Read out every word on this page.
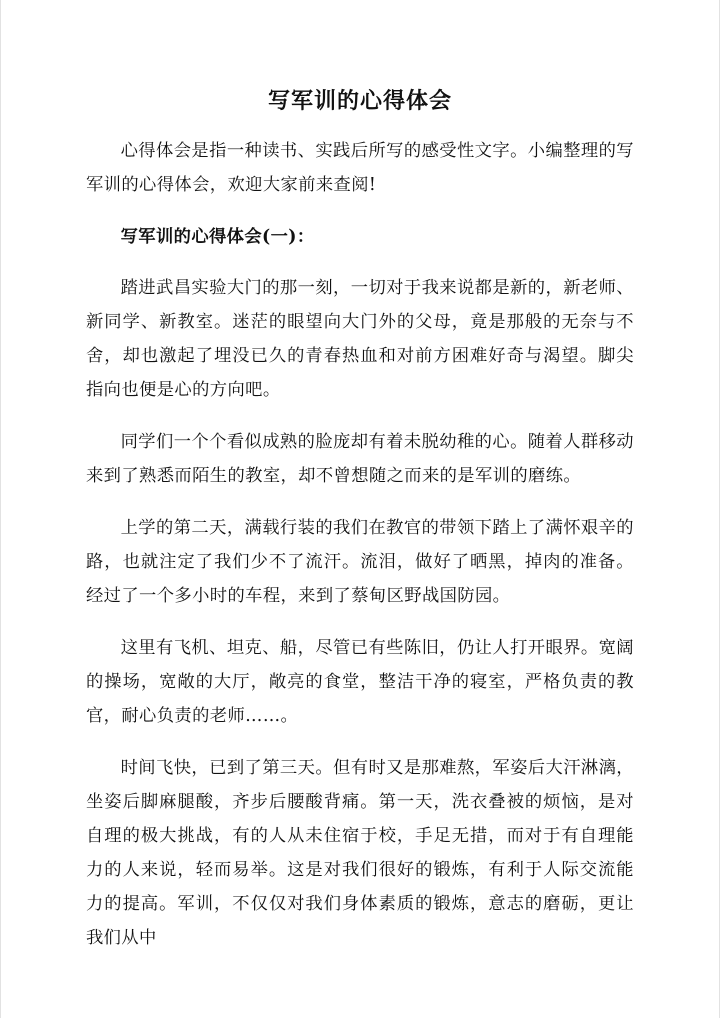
写军训的心得体会

心得体会是指一种读书、实践后所写的感受性文字。小编整理的写军训的心得体会，欢迎大家前来查阅!

写军训的心得体会(一)：

踏进武昌实验大门的那一刻，一切对于我来说都是新的，新老师、新同学、新教室。迷茫的眼望向大门外的父母，竟是那般的无奈与不舍，却也激起了埋没已久的青春热血和对前方困难好奇与渴望。脚尖指向也便是心的方向吧。

同学们一个个看似成熟的脸庞却有着未脱幼稚的心。随着人群移动来到了熟悉而陌生的教室，却不曾想随之而来的是军训的磨练。

上学的第二天，满载行装的我们在教官的带领下踏上了满怀艰辛的路，也就注定了我们少不了流汗。流泪，做好了晒黑，掉肉的准备。经过了一个多小时的车程，来到了蔡甸区野战国防园。

这里有飞机、坦克、船，尽管已有些陈旧，仍让人打开眼界。宽阔的操场，宽敞的大厅，敞亮的食堂，整洁干净的寝室，严格负责的教官，耐心负责的老师……。

时间飞快，已到了第三天。但有时又是那难熬，军姿后大汗淋漓，坐姿后脚麻腿酸，齐步后腰酸背痛。第一天，洗衣叠被的烦恼，是对自理的极大挑战，有的人从未住宿于校，手足无措，而对于有自理能力的人来说，轻而易举。这是对我们很好的锻炼，有利于人际交流能力的提高。军训，不仅仅对我们身体素质的锻炼，意志的磨砺，更让我们从中
